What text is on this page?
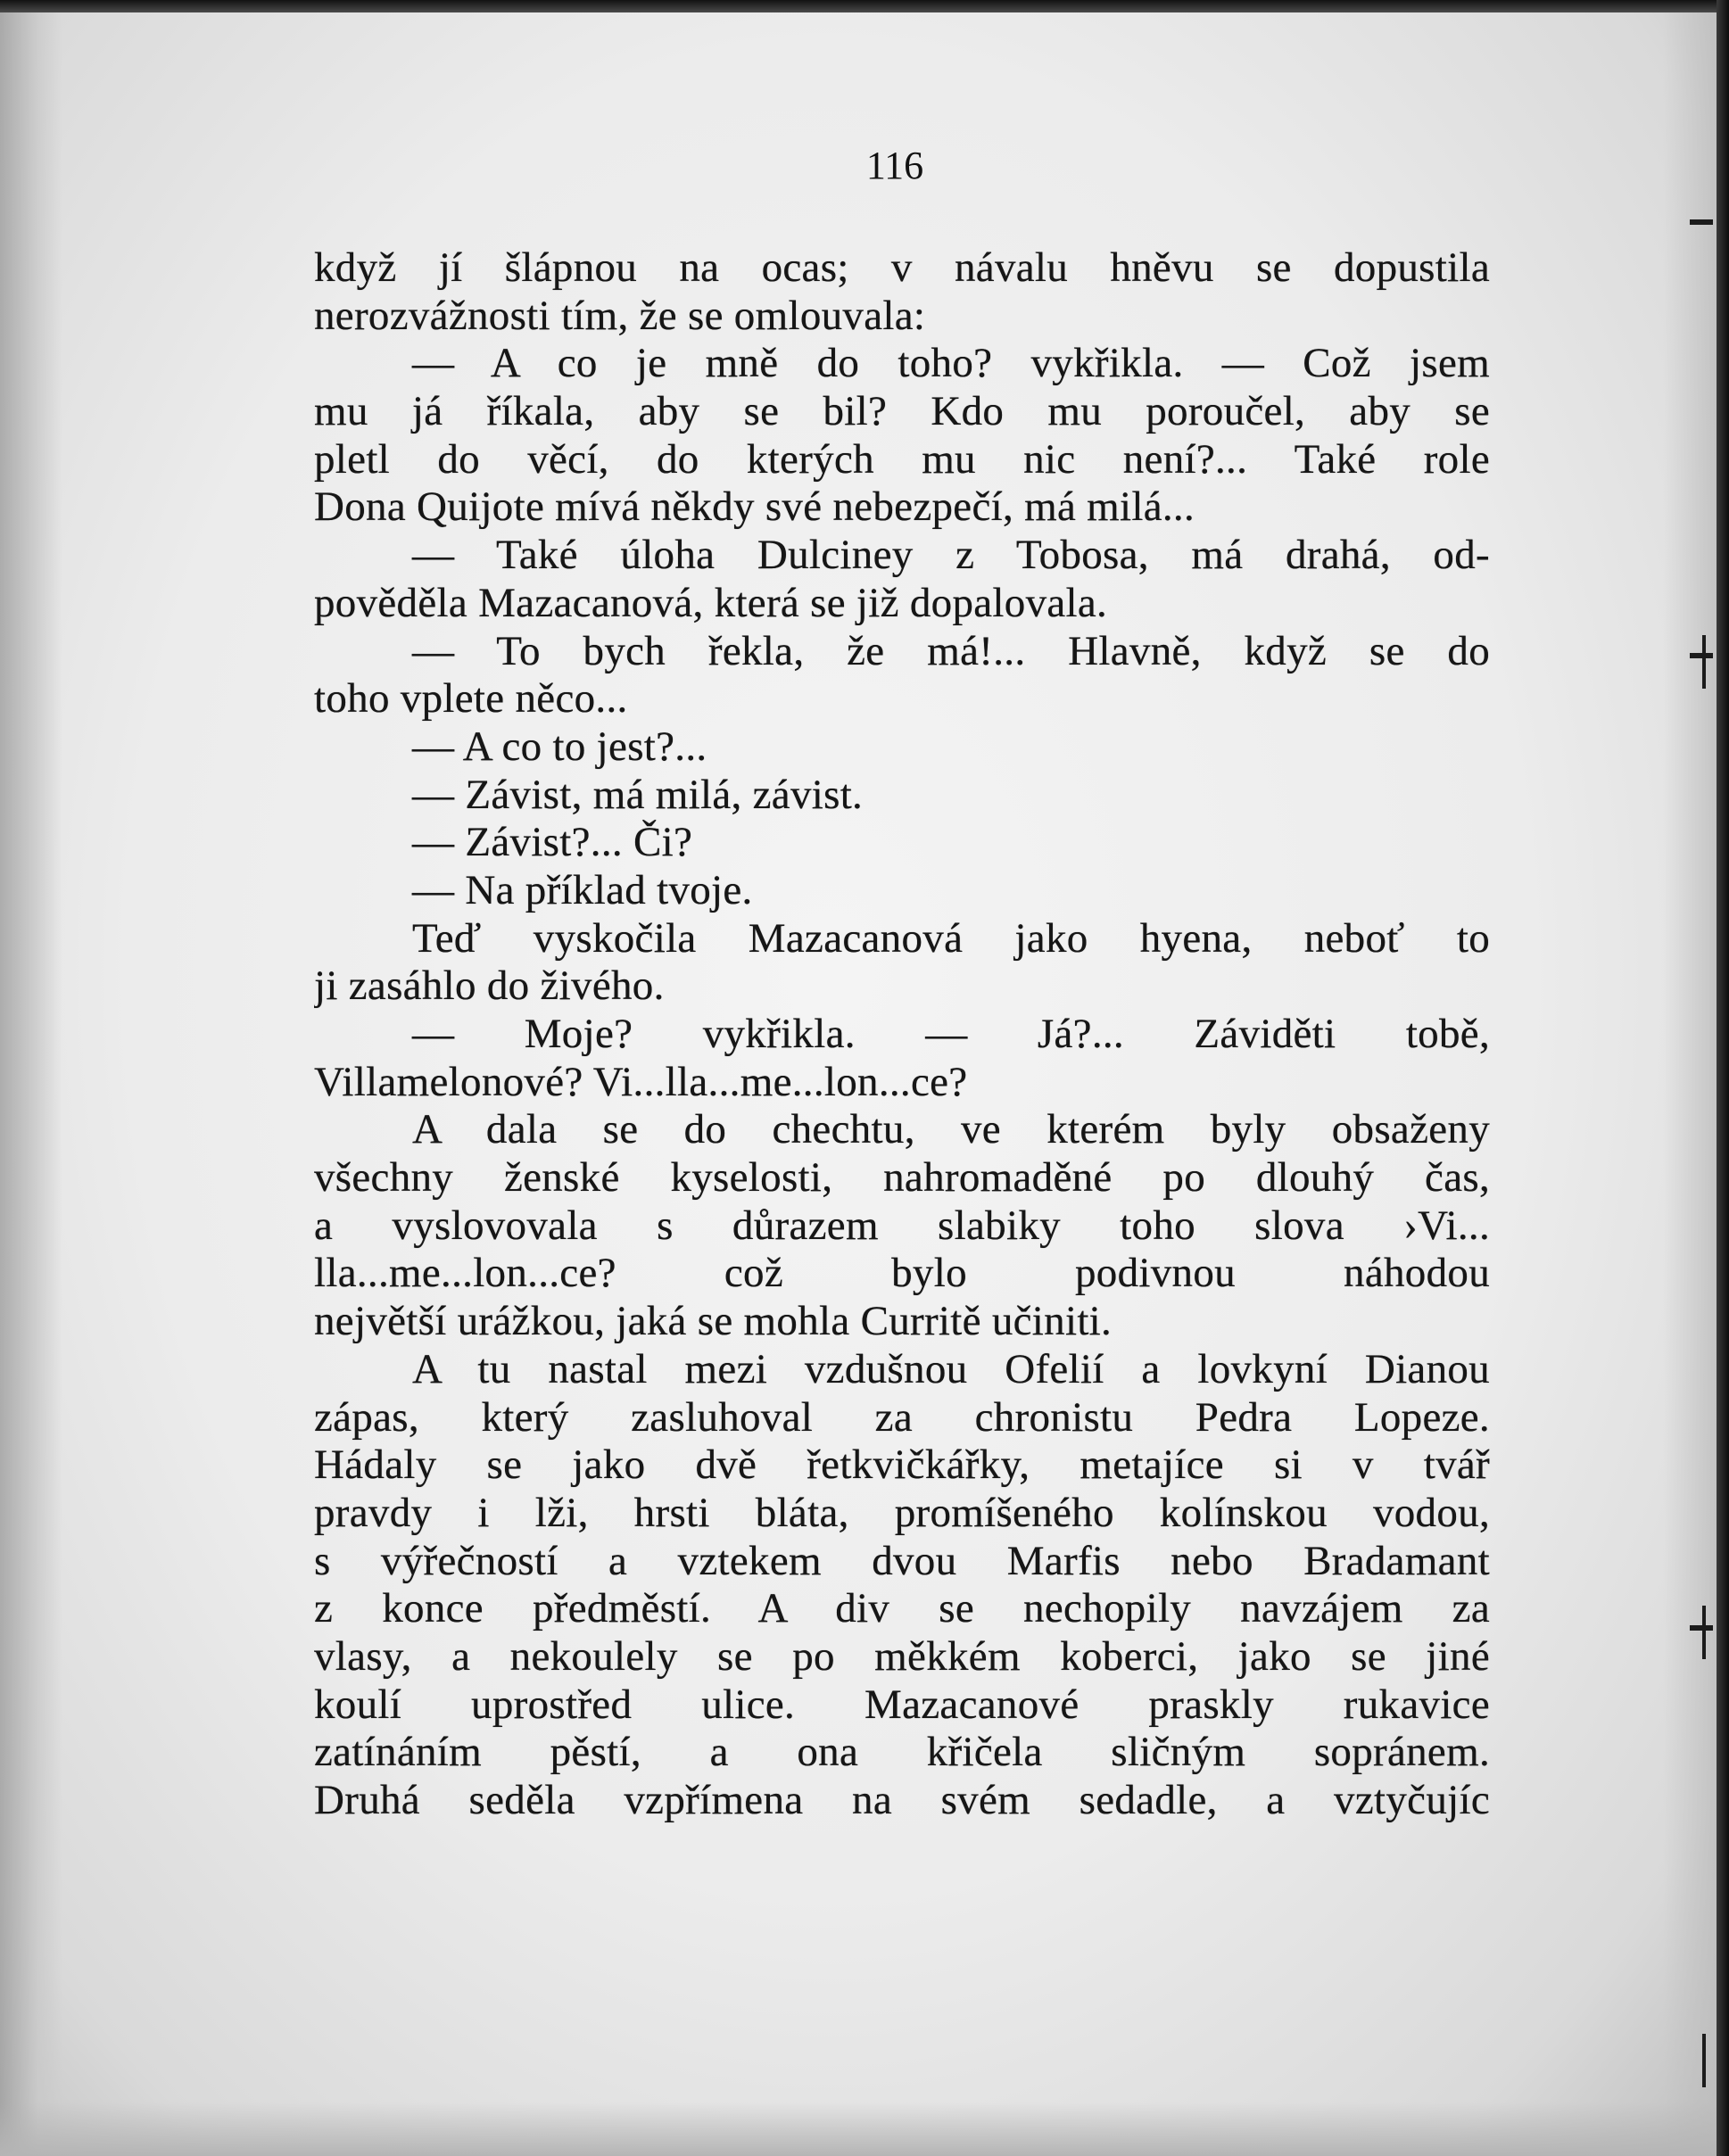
116
když jí šlápnou na ocas; v návalu hněvu se dopustila
nerozvážnosti tím, že se omlouvala:
— A co je mně do toho? vykřikla. — Což jsem
mu já říkala, aby se bil? Kdo mu poroučel, aby se
pletl do věcí, do kterých mu nic není?... Také role
Dona Quijote mívá někdy své nebezpečí, má milá...
— Také úloha Dulciney z Tobosa, má drahá, od-
pověděla Mazacanová, která se již dopalovala.
— To bych řekla, že má!... Hlavně, když se do
toho vplete něco...
— A co to jest?...
— Závist, má milá, závist.
— Závist?... Či?
— Na příklad tvoje.
Teď vyskočila Mazacanová jako hyena, neboť to
ji zasáhlo do živého.
— Moje? vykřikla. — Já?... Záviděti tobě,
Villamelonové? Vi...lla...me...lon...ce?
A dala se do chechtu, ve kterém byly obsaženy
všechny ženské kyselosti, nahromaděné po dlouhý čas,
a vyslovovala s důrazem slabiky toho slova ›Vi...
lla...me...lon...ce? což bylo podivnou náhodou
největší urážkou, jaká se mohla Curritě učiniti.
A tu nastal mezi vzdušnou Ofelií a lovkyní Dianou
zápas, který zasluhoval za chronistu Pedra Lopeze.
Hádaly se jako dvě řetkvičkářky, metajíce si v tvář
pravdy i lži, hrsti bláta, promíšeného kolínskou vodou,
s výřečností a vztekem dvou Marfis nebo Bradamant
z konce předměstí. A div se nechopily navzájem za
vlasy, a nekoulely se po měkkém koberci, jako se jiné
koulí uprostřed ulice. Mazacanové praskly rukavice
zatínáním pěstí, a ona křičela sličným sopránem.
Druhá seděla vzpřímena na svém sedadle, a vztyčujíc
